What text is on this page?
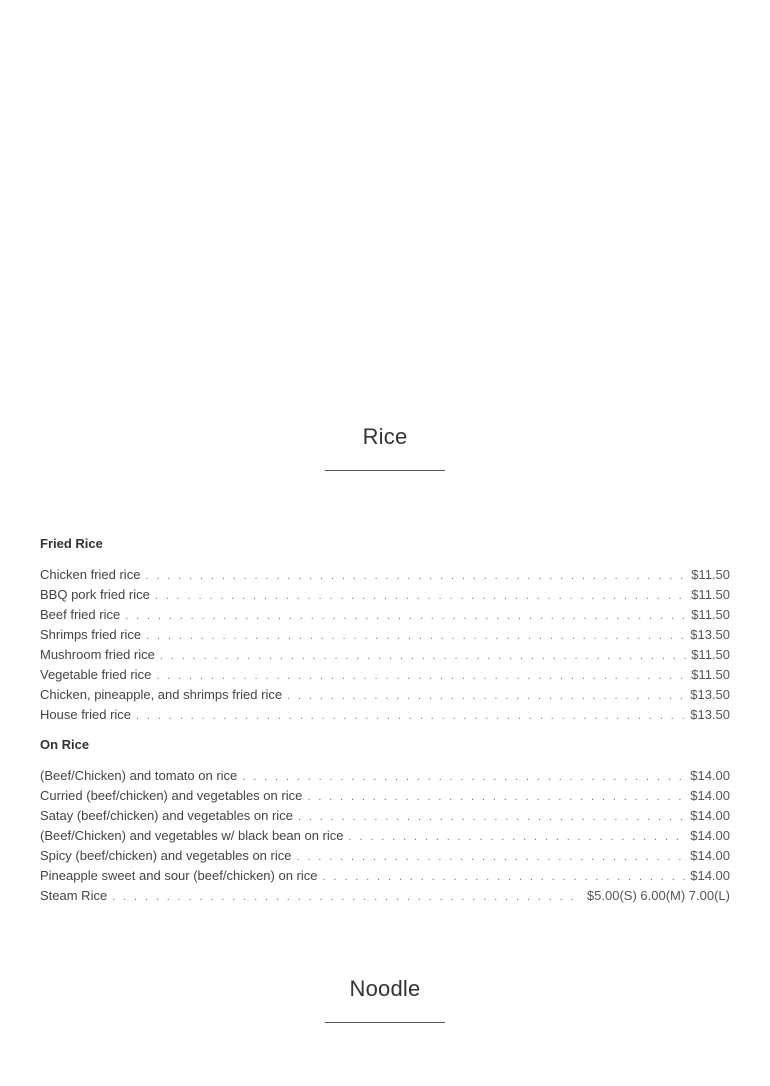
Rice
Fried Rice
Chicken fried rice . . .	$11.50
BBQ pork fried rice . . .	$11.50
Beef fried rice . . .	$11.50
Shrimps fried rice . . .	$13.50
Mushroom fried rice . . .	$11.50
Vegetable fried rice . . .	$11.50
Chicken, pineapple, and shrimps fried rice . . .	$13.50
House fried rice . . .	$13.50
On Rice
(Beef/Chicken) and tomato on rice . . .	$14.00
Curried (beef/chicken) and vegetables on rice . . .	$14.00
Satay (beef/chicken) and vegetables on rice . . .	$14.00
(Beef/Chicken) and vegetables w/ black bean on rice . . .	$14.00
Spicy (beef/chicken) and vegetables on rice . . .	$14.00
Pineapple sweet and sour (beef/chicken) on rice . . .	$14.00
Steam Rice . . .	$5.00(S) 6.00(M) 7.00(L)
Noodle
